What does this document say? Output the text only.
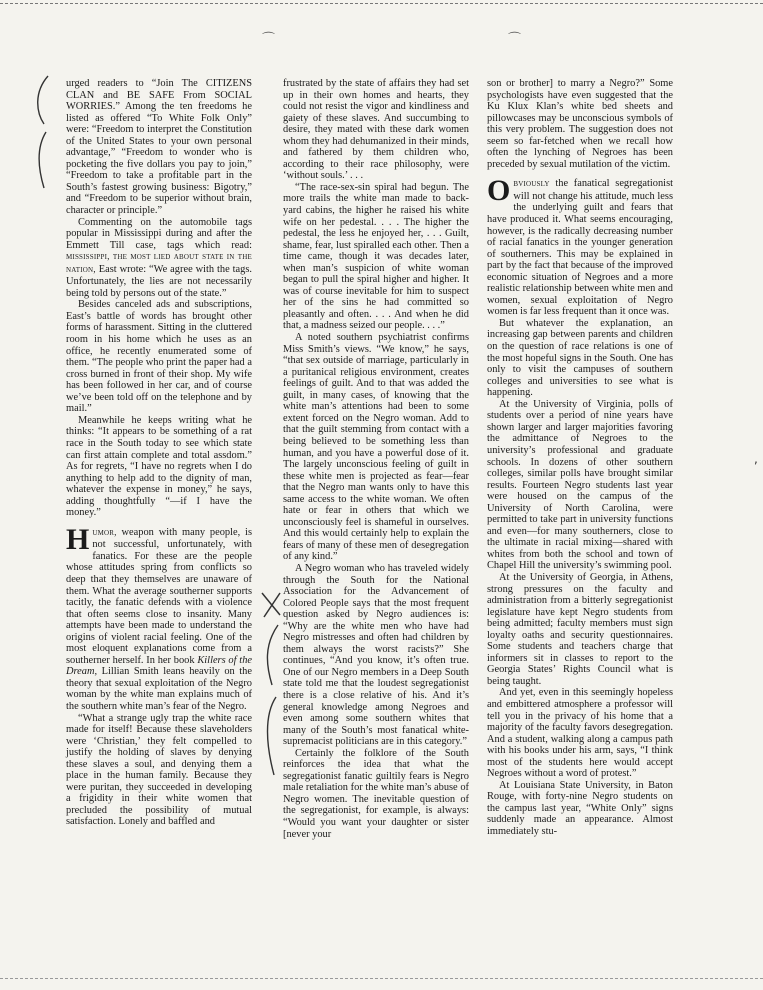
⌒	⌒
,

urged readers to “Join The CITIZENS CLAN and BE SAFE From SOCIAL WORRIES.” Among the ten freedoms he listed as offered “To White Folk Only” were: “Freedom to interpret the Constitution of the United States to your own personal advantage,” “Freedom to wonder who is pocketing the five dollars you pay to join,” “Freedom to take a profitable part in the South’s fastest growing business: Bigotry,” and “Freedom to be superior without brain, character or principle.”

Commenting on the automobile tags popular in Mississippi during and after the Emmett Till case, tags which read: mississippi, the most lied about state in the nation, East wrote: “We agree with the tags. Unfortunately, the lies are not necessarily being told by persons out of the state.”

Besides canceled ads and subscriptions, East’s battle of words has brought other forms of harassment. Sitting in the cluttered room in his home which he uses as an office, he recently enumerated some of them. “The people who print the paper had a cross burned in front of their shop. My wife has been followed in her car, and of course we’ve been told off on the telephone and by mail.”

Meanwhile he keeps writing what he thinks: “It appears to be something of a rat race in the South today to see which state can first attain complete and total assdom.” As for regrets, “I have no regrets when I do anything to help add to the dignity of man, whatever the expense in money,” he says, adding thoughtfully “—if I have the money.”

Humor, weapon with many people, is not successful, unfortunately, with fanatics. For these are the people whose attitudes spring from conflicts so deep that they themselves are unaware of them. What the average southerner supports tacitly, the fanatic defends with a violence that often seems close to insanity. Many attempts have been made to understand the origins of violent racial feeling. One of the most eloquent explanations come from a southerner herself. In her book Killers of the Dream, Lillian Smith leans heavily on the theory that sexual exploitation of the Negro woman by the white man explains much of the southern white man’s fear of the Negro.

“What a strange ugly trap the white race made for itself! Because these slaveholders were ‘Christian,’ they felt compelled to justify the holding of slaves by denying these slaves a soul, and denying them a place in the human family. Because they were puritan, they succeeded in developing a frigidity in their white women that precluded the possibility of mutual satisfaction. Lonely and baffled and

frustrated by the state of affairs they had set up in their own homes and hearts, they could not resist the vigor and kindliness and gaiety of these slaves. And succumbing to desire, they mated with these dark women whom they had dehumanized in their minds, and fathered by them children who, according to their race philosophy, were ‘without souls.’ . . .

“The race-sex-sin spiral had begun. The more trails the white man made to back-yard cabins, the higher he raised his white wife on her pedestal. . . . The higher the pedestal, the less he enjoyed her, . . . Guilt, shame, fear, lust spiralled each other. Then a time came, though it was decades later, when man’s suspicion of white woman began to pull the spiral higher and higher. It was of course inevitable for him to suspect her of the sins he had committed so pleasantly and often. . . . And when he did that, a madness seized our people. . . .”

A noted southern psychiatrist confirms Miss Smith’s views. “We know,” he says, “that sex outside of marriage, particularly in a puritanical religious environment, creates feelings of guilt. And to that was added the guilt, in many cases, of knowing that the white man’s attentions had been to some extent forced on the Negro woman. Add to that the guilt stemming from contact with a being believed to be something less than human, and you have a powerful dose of it. The largely unconscious feeling of guilt in these white men is projected as fear—fear that the Negro man wants only to have this same access to the white woman. We often hate or fear in others that which we unconsciously feel is shameful in ourselves. And this would certainly help to explain the fears of many of these men of desegregation of any kind.”

A Negro woman who has traveled widely through the South for the National Association for the Advancement of Colored People says that the most frequent question asked by Negro audiences is: “Why are the white men who have had Negro mistresses and often had children by them always the worst racists?” She continues, “And you know, it’s often true. One of our Negro members in a Deep South state told me that the loudest segregationist there is a close relative of his. And it’s general knowledge among Negroes and even among some southern whites that many of the South’s most fanatical white-supremacist politicians are in this category.”

Certainly the folklore of the South reinforces the idea that what the segregationist fanatic guiltily fears is Negro male retaliation for the white man’s abuse of Negro women. The inevitable question of the segregationist, for example, is always: “Would you want your daughter or sister [never your

son or brother] to marry a Negro?” Some psychologists have even suggested that the Ku Klux Klan’s white bed sheets and pillowcases may be unconscious symbols of this very problem. The suggestion does not seem so far-fetched when we recall how often the lynching of Negroes has been preceded by sexual mutilation of the victim.

Obviously the fanatical segregationist will not change his attitude, much less the underlying guilt and fears that have produced it. What seems encouraging, however, is the radically decreasing number of racial fanatics in the younger generation of southerners. This may be explained in part by the fact that because of the improved economic situation of Negroes and a more realistic relationship between white men and women, sexual exploitation of Negro women is far less frequent than it once was.

But whatever the explanation, an increasing gap between parents and children on the question of race relations is one of the most hopeful signs in the South. One has only to visit the campuses of southern colleges and universities to see what is happening.

At the University of Virginia, polls of students over a period of nine years have shown larger and larger majorities favoring the admittance of Negroes to the university’s professional and graduate schools. In dozens of other southern colleges, similar polls have brought similar results. Fourteen Negro students last year were housed on the campus of the University of North Carolina, were permitted to take part in university functions and even—for many southerners, close to the ultimate in racial mixing—shared with whites from both the school and town of Chapel Hill the university’s swimming pool.

At the University of Georgia, in Athens, strong pressures on the faculty and administration from a bitterly segregationist legislature have kept Negro students from being admitted; faculty members must sign loyalty oaths and security questionnaires. Some students and teachers charge that informers sit in classes to report to the Georgia States’ Rights Council what is being taught.

And yet, even in this seemingly hopeless and embittered atmosphere a professor will tell you in the privacy of his home that a majority of the faculty favors desegregation. And a student, walking along a campus path with his books under his arm, says, “I think most of the students here would accept Negroes without a word of protest.”

At Louisiana State University, in Baton Rouge, with forty-nine Negro students on the campus last year, “White Only” signs suddenly made an appearance. Almost immediately stu-
